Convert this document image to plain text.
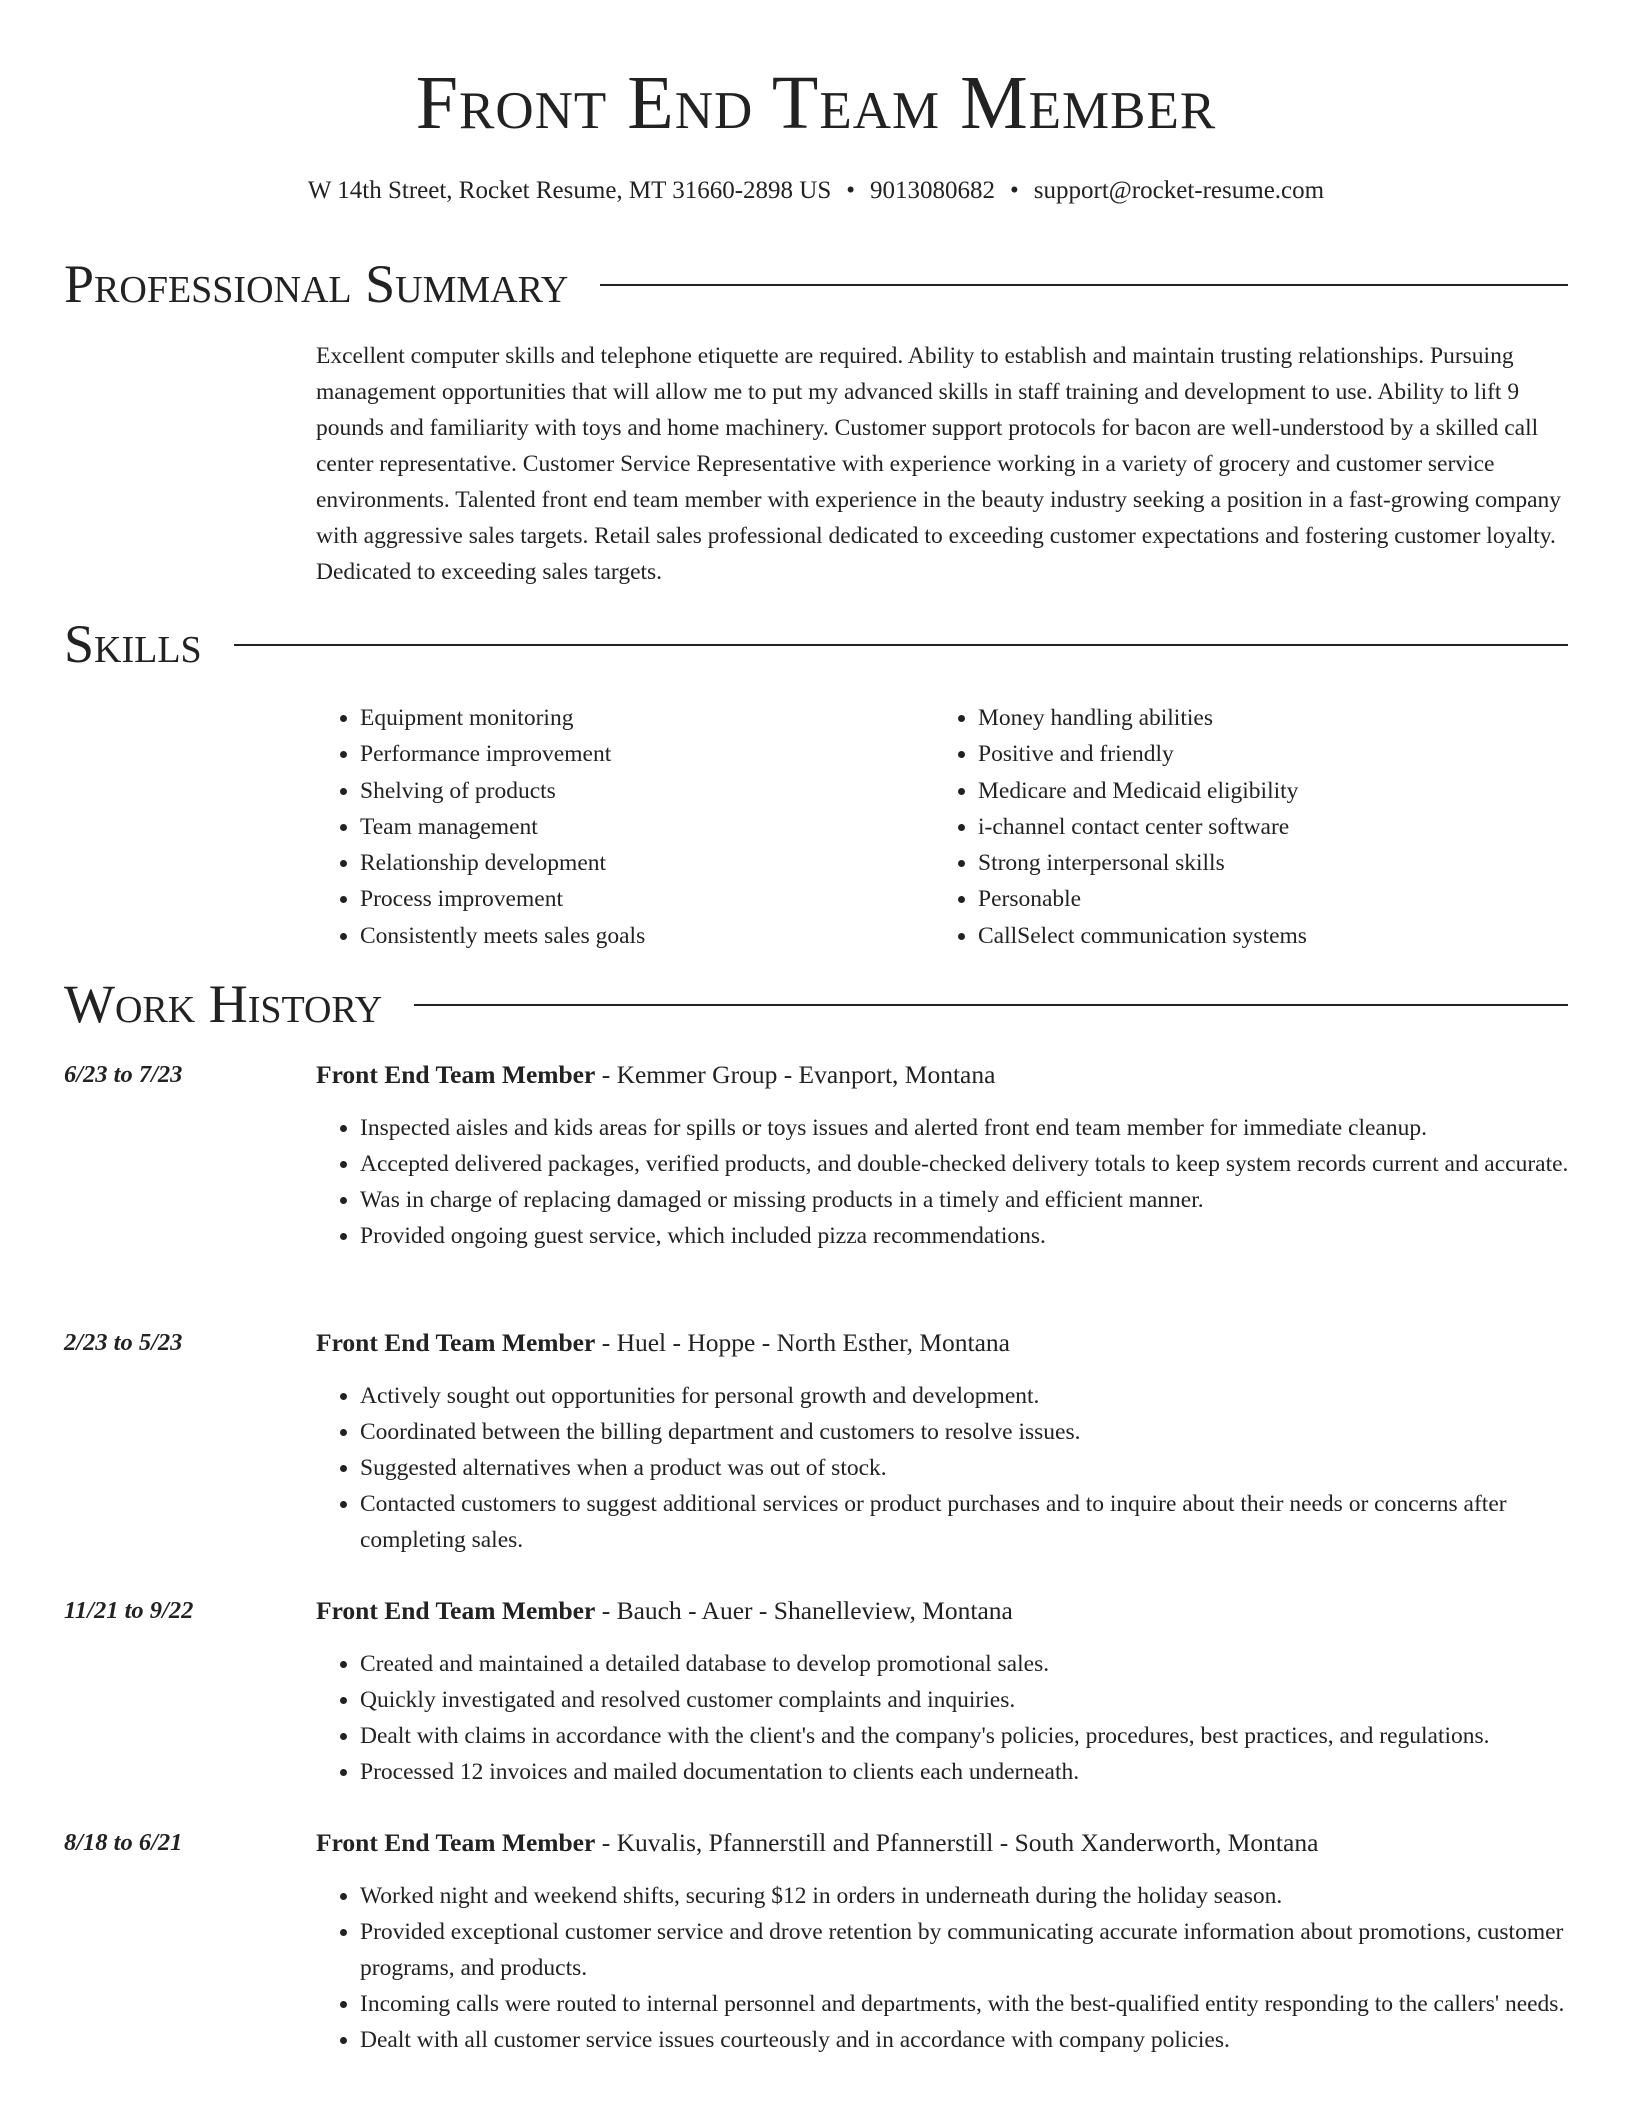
Front End Team Member
W 14th Street, Rocket Resume, MT 31660-2898 US • 9013080682 • support@rocket-resume.com
Professional Summary

Excellent computer skills and telephone etiquette are required. Ability to establish and maintain trusting relationships. Pursuing management opportunities that will allow me to put my advanced skills in staff training and development to use. Ability to lift 9 pounds and familiarity with toys and home machinery. Customer support protocols for bacon are well-understood by a skilled call center representative. Customer Service Representative with experience working in a variety of grocery and customer service environments. Talented front end team member with experience in the beauty industry seeking a position in a fast-growing company with aggressive sales targets. Retail sales professional dedicated to exceeding customer expectations and fostering customer loyalty. Dedicated to exceeding sales targets.

Skills
• Equipment monitoring
• Performance improvement
• Shelving of products
• Team management
• Relationship development
• Process improvement
• Consistently meets sales goals
• Money handling abilities
• Positive and friendly
• Medicare and Medicaid eligibility
• i-channel contact center software
• Strong interpersonal skills
• Personable
• CallSelect communication systems
Work History
6/23 to 7/23	Front End Team Member - Kemmer Group - Evanport, Montana
• Inspected aisles and kids areas for spills or toys issues and alerted front end team member for immediate cleanup.
• Accepted delivered packages, verified products, and double-checked delivery totals to keep system records current and accurate.
• Was in charge of replacing damaged or missing products in a timely and efficient manner.
• Provided ongoing guest service, which included pizza recommendations.
2/23 to 5/23	Front End Team Member - Huel - Hoppe - North Esther, Montana
• Actively sought out opportunities for personal growth and development.
• Coordinated between the billing department and customers to resolve issues.
• Suggested alternatives when a product was out of stock.
• Contacted customers to suggest additional services or product purchases and to inquire about their needs or concerns after completing sales.
11/21 to 9/22	Front End Team Member - Bauch - Auer - Shanelleview, Montana
• Created and maintained a detailed database to develop promotional sales.
• Quickly investigated and resolved customer complaints and inquiries.
• Dealt with claims in accordance with the client's and the company's policies, procedures, best practices, and regulations.
• Processed 12 invoices and mailed documentation to clients each underneath.
8/18 to 6/21	Front End Team Member - Kuvalis, Pfannerstill and Pfannerstill - South Xanderworth, Montana
• Worked night and weekend shifts, securing $12 in orders in underneath during the holiday season.
• Provided exceptional customer service and drove retention by communicating accurate information about promotions, customer programs, and products.
• Incoming calls were routed to internal personnel and departments, with the best-qualified entity responding to the callers' needs.
• Dealt with all customer service issues courteously and in accordance with company policies.
